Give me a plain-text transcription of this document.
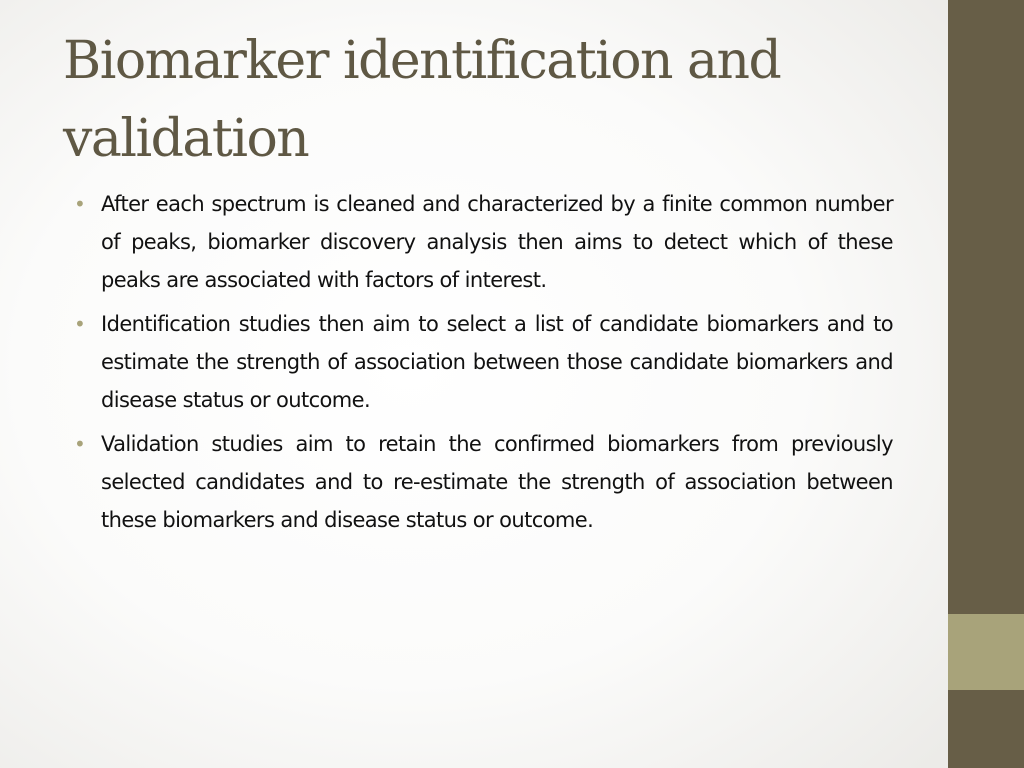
Biomarker identification and validation
• After each spectrum is cleaned and characterized by a finite common number of peaks, biomarker discovery analysis then aims to detect which of these peaks are associated with factors of interest.
• Identification studies then aim to select a list of candidate biomarkers and to estimate the strength of association between those candidate biomarkers and disease status or outcome.
• Validation studies aim to retain the confirmed biomarkers from previously selected candidates and to re-estimate the strength of association between these biomarkers and disease status or outcome.
